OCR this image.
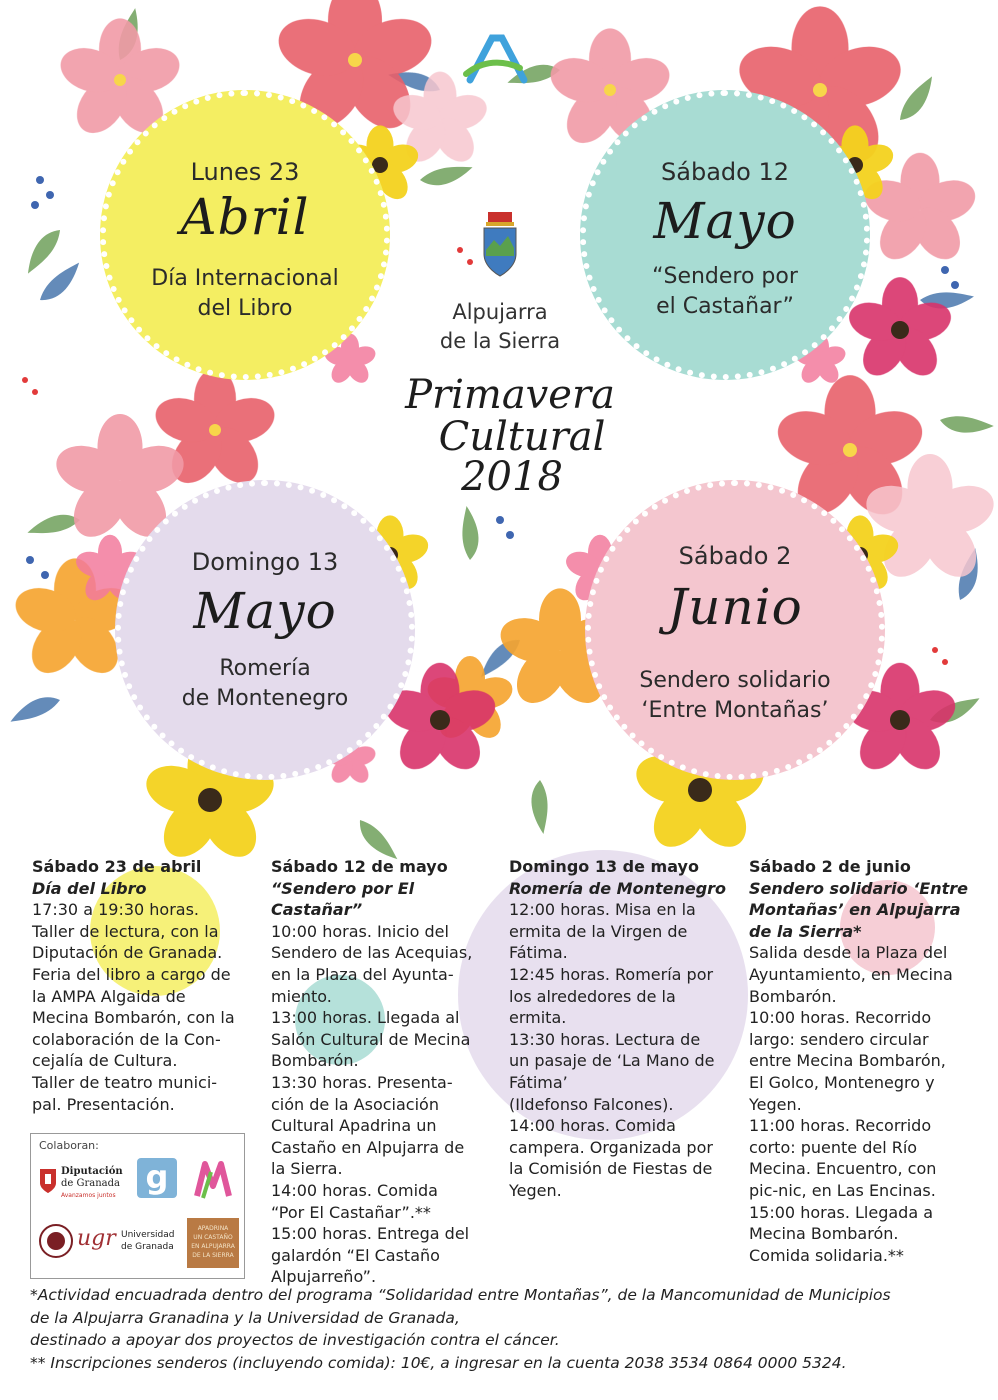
Lunes 23
Abril
Día Internacional
del Libro
Sábado 12
Mayo
“Sendero por
el Castañar”
Domingo 13
Mayo
Romería
de Montenegro
Sábado 2
Junio
Sendero solidario
‘Entre Montañas’
Alpujarra
de la Sierra
Primavera
Cultural
2018
Sábado 23 de abril
Día del Libro
17:30 a 19:30 horas.
Taller de lectura, con la
Diputación de Granada.
Feria del libro a cargo de
la AMPA Algaida de
Mecina Bombarón, con la
colaboración de la Con-
cejalía de Cultura.
Taller de teatro munici-
pal. Presentación.
Sábado 12 de mayo
“Sendero por El Castañar”
10:00 horas. Inicio del
Sendero de las Acequias,
en la Plaza del Ayunta-
miento.
13:00 horas. Llegada al
Salón Cultural de Mecina
Bombarón.
13:30 horas. Presenta-
ción de la Asociación
Cultural Apadrina un
Castaño en Alpujarra de
la Sierra.
14:00 horas. Comida
“Por El Castañar”.**
15:00 horas. Entrega del
galardón “El Castaño
Alpujarreño”.
Domingo 13 de mayo
Romería de Montenegro
12:00 horas. Misa en la
ermita de la Virgen de
Fátima.
12:45 horas. Romería por
los alrededores de la
ermita.
13:30 horas. Lectura de
un pasaje de ‘La Mano de
Fátima’
(Ildefonso Falcones).
14:00 horas. Comida
campera. Organizada por
la Comisión de Fiestas de
Yegen.
Sábado 2 de junio
Sendero solidario ‘Entre
Montañas’ en Alpujarra
de la Sierra*
Salida desde la Plaza del
Ayuntamiento, en Mecina
Bombarón.
10:00 horas. Recorrido
largo: sendero circular
entre Mecina Bombarón,
El Golco, Montenegro y
Yegen.
11:00 horas. Recorrido
corto: puente del Río
Mecina. Encuentro, con
pic-nic, en Las Encinas.
15:00 horas. Llegada a
Mecina Bombarón.
Comida solidaria.**
Colaboran:
Diputación
de Granada
Avanzamos juntos g
ugr Universidad
de Granada
APADRINA
UN CASTAÑO
EN ALPUJARRA
DE LA SIERRA
*Actividad encuadrada dentro del programa “Solidaridad entre Montañas”, de la Mancomunidad de Municipios
de la Alpujarra Granadina y la Universidad de Granada,
destinado a apoyar dos proyectos de investigación contra el cáncer.
** Inscripciones senderos (incluyendo comida): 10€, a ingresar en la cuenta 2038 3534 0864 0000 5324.
